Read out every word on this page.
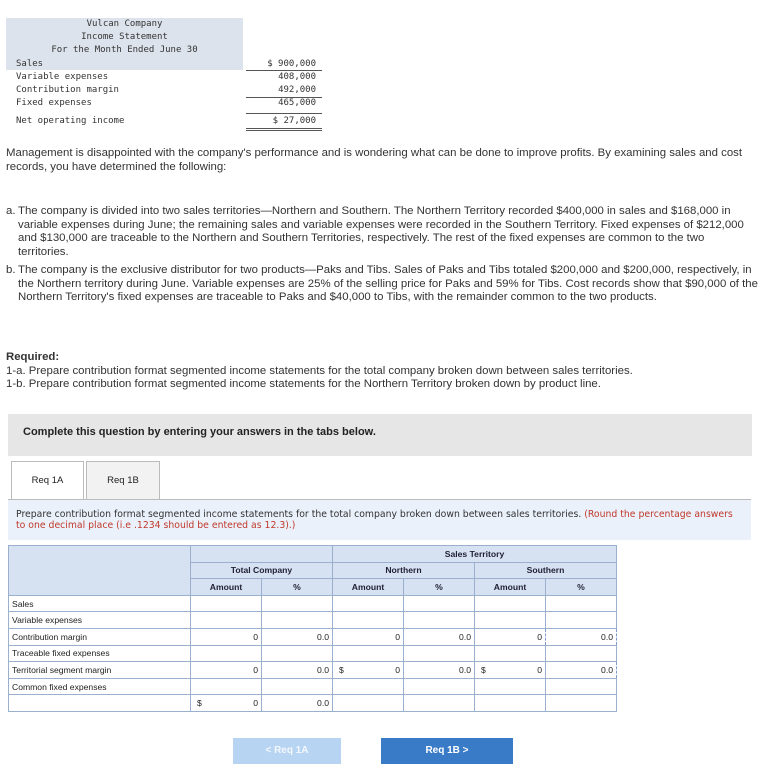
Vulcan Company
Income Statement
For the Month Ended June 30
Sales	$ 900,000
Variable expenses	408,000
Contribution margin	492,000
Fixed expenses	465,000
Net operating income	$ 27,000

Management is disappointed with the company's performance and is wondering what can be done to improve profits. By examining sales and cost records, you have determined the following:

a. The company is divided into two sales territories—Northern and Southern. The Northern Territory recorded $400,000 in sales and $168,000 in variable expenses during June; the remaining sales and variable expenses were recorded in the Southern Territory. Fixed expenses of $212,000 and $130,000 are traceable to the Northern and Southern Territories, respectively. The rest of the fixed expenses are common to the two territories.
b. The company is the exclusive distributor for two products—Paks and Tibs. Sales of Paks and Tibs totaled $200,000 and $200,000, respectively, in the Northern territory during June. Variable expenses are 25% of the selling price for Paks and 59% for Tibs. Cost records show that $90,000 of the Northern Territory's fixed expenses are traceable to Paks and $40,000 to Tibs, with the remainder common to the two products.
Required:
1-a. Prepare contribution format segmented income statements for the total company broken down between sales territories.
1-b. Prepare contribution format segmented income statements for the Northern Territory broken down by product line.
Complete this question by entering your answers in the tabs below.
Req 1A	Req 1B
Prepare contribution format segmented income statements for the total company broken down between sales territories. (Round the percentage answers to one decimal place (i.e .1234 should be entered as 12.3).)
			Sales Territory			
	Total Company		Northern		Southern	
	Amount	%	Amount	%	Amount	%
Sales						
Variable expenses						
Contribution margin	0	0.0	0	0.0	0	0.0
Traceable fixed expenses						
Territorial segment margin	0	0.0	$ 0	0.0	$ 0	0.0
Common fixed expenses						

	$ 0	0.0				
< Req 1A	Req 1B >
